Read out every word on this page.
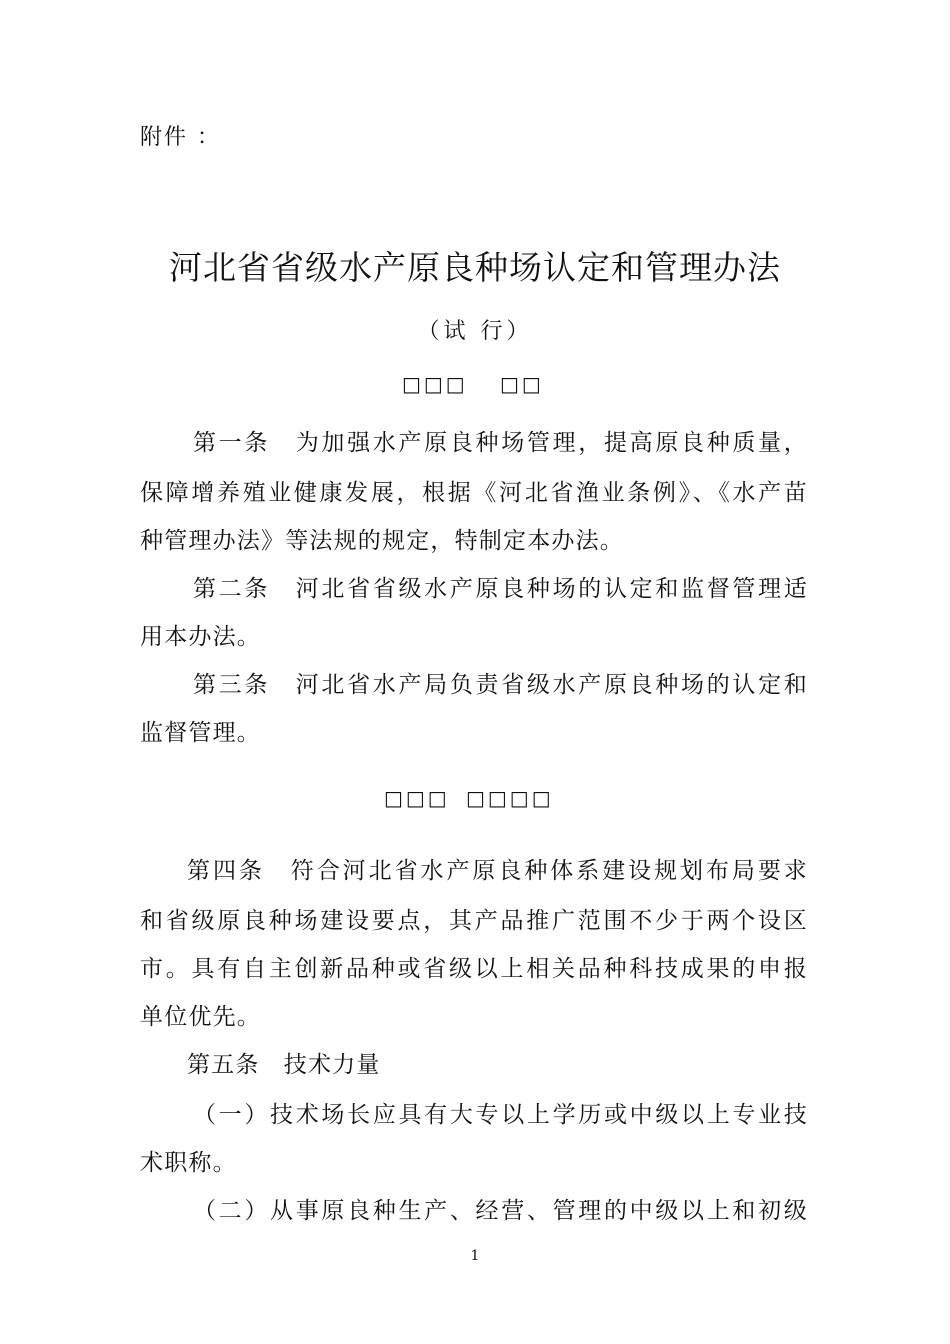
附件 ：
河北省省级水产原良种场认定和管理办法
（试 行）
□□□ □□
第一条　为加强水产原良种场管理，提高原良种质量，
保障增养殖业健康发展，根据《河北省渔业条例》、《水产苗
种管理办法》等法规的规定，特制定本办法。
第二条　河北省省级水产原良种场的认定和监督管理适
用本办法。
第三条　河北省水产局负责省级水产原良种场的认定和
监督管理。
□□□ □□□□
第四条　符合河北省水产原良种体系建设规划布局要求
和省级原良种场建设要点，其产品推广范围不少于两个设区
市。具有自主创新品种或省级以上相关品种科技成果的申报
单位优先。
第五条　技术力量
（一）技术场长应具有大专以上学历或中级以上专业技
术职称。
（二）从事原良种生产、经营、管理的中级以上和初级
1
